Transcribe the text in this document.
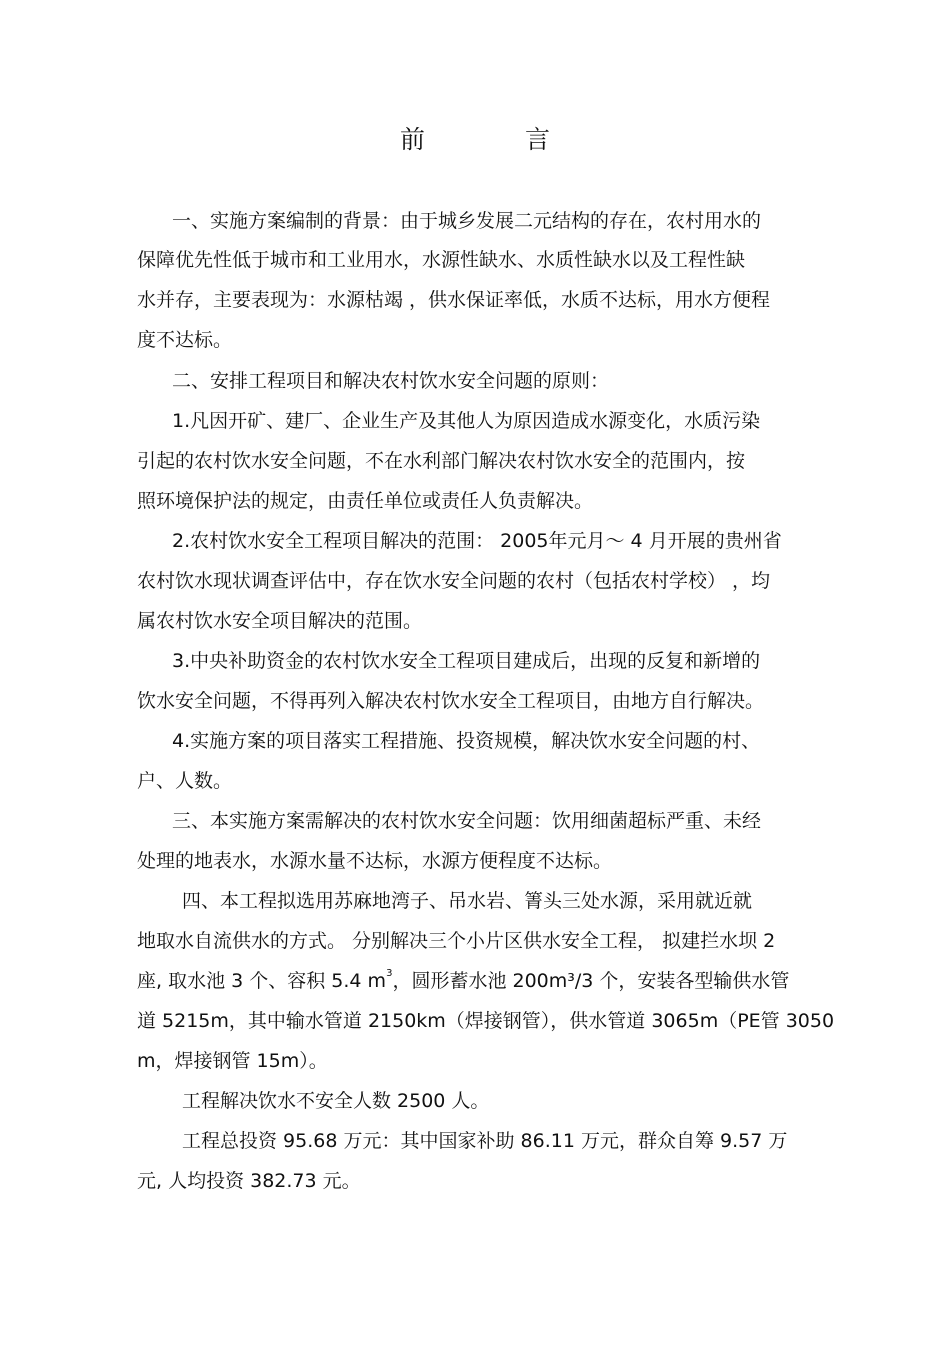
前 言
一、实施方案编制的背景：由于城乡发展二元结构的存在，农村用水的
保障优先性低于城市和工业用水，水源性缺水、水质性缺水以及工程性缺
水并存，主要表现为：水源枯竭 ，供水保证率低，水质不达标，用水方便程
度不达标。
二、安排工程项目和解决农村饮水安全问题的原则：
1.凡因开矿、建厂、企业生产及其他人为原因造成水源变化，水质污染
引起的农村饮水安全问题，不在水利部门解决农村饮水安全的范围内，按
照环境保护法的规定，由责任单位或责任人负责解决。
2.农村饮水安全工程项目解决的范围： 2005年元月～ 4 月开展的贵州省
农村饮水现状调查评估中，存在饮水安全问题的农村（包括农村学校） ，均
属农村饮水安全项目解决的范围。
3.中央补助资金的农村饮水安全工程项目建成后，出现的反复和新增的
饮水安全问题，不得再列入解决农村饮水安全工程项目，由地方自行解决。
4.实施方案的项目落实工程措施、投资规模，解决饮水安全问题的村、
户、人数。
三、本实施方案需解决的农村饮水安全问题：饮用细菌超标严重、未经
处理的地表水，水源水量不达标，水源方便程度不达标。
四、本工程拟选用苏麻地湾子、吊水岩、箐头三处水源，采用就近就
地取水自流供水的方式。 分别解决三个小片区供水安全工程， 拟建拦水坝 2
座, 取水池 3 个、容积 5.4 $m^3$，圆形蓄水池 200m³/3 个，安装各型输供水管
道 5215m，其中输水管道 2150km（焊接钢管），供水管道 3065m（PE管 3050
m，焊接钢管 15m）。
工程解决饮水不安全人数 2500 人。
工程总投资 95.68 万元：其中国家补助 86.11 万元，群众自筹 9.57 万
元, 人均投资 382.73 元。
